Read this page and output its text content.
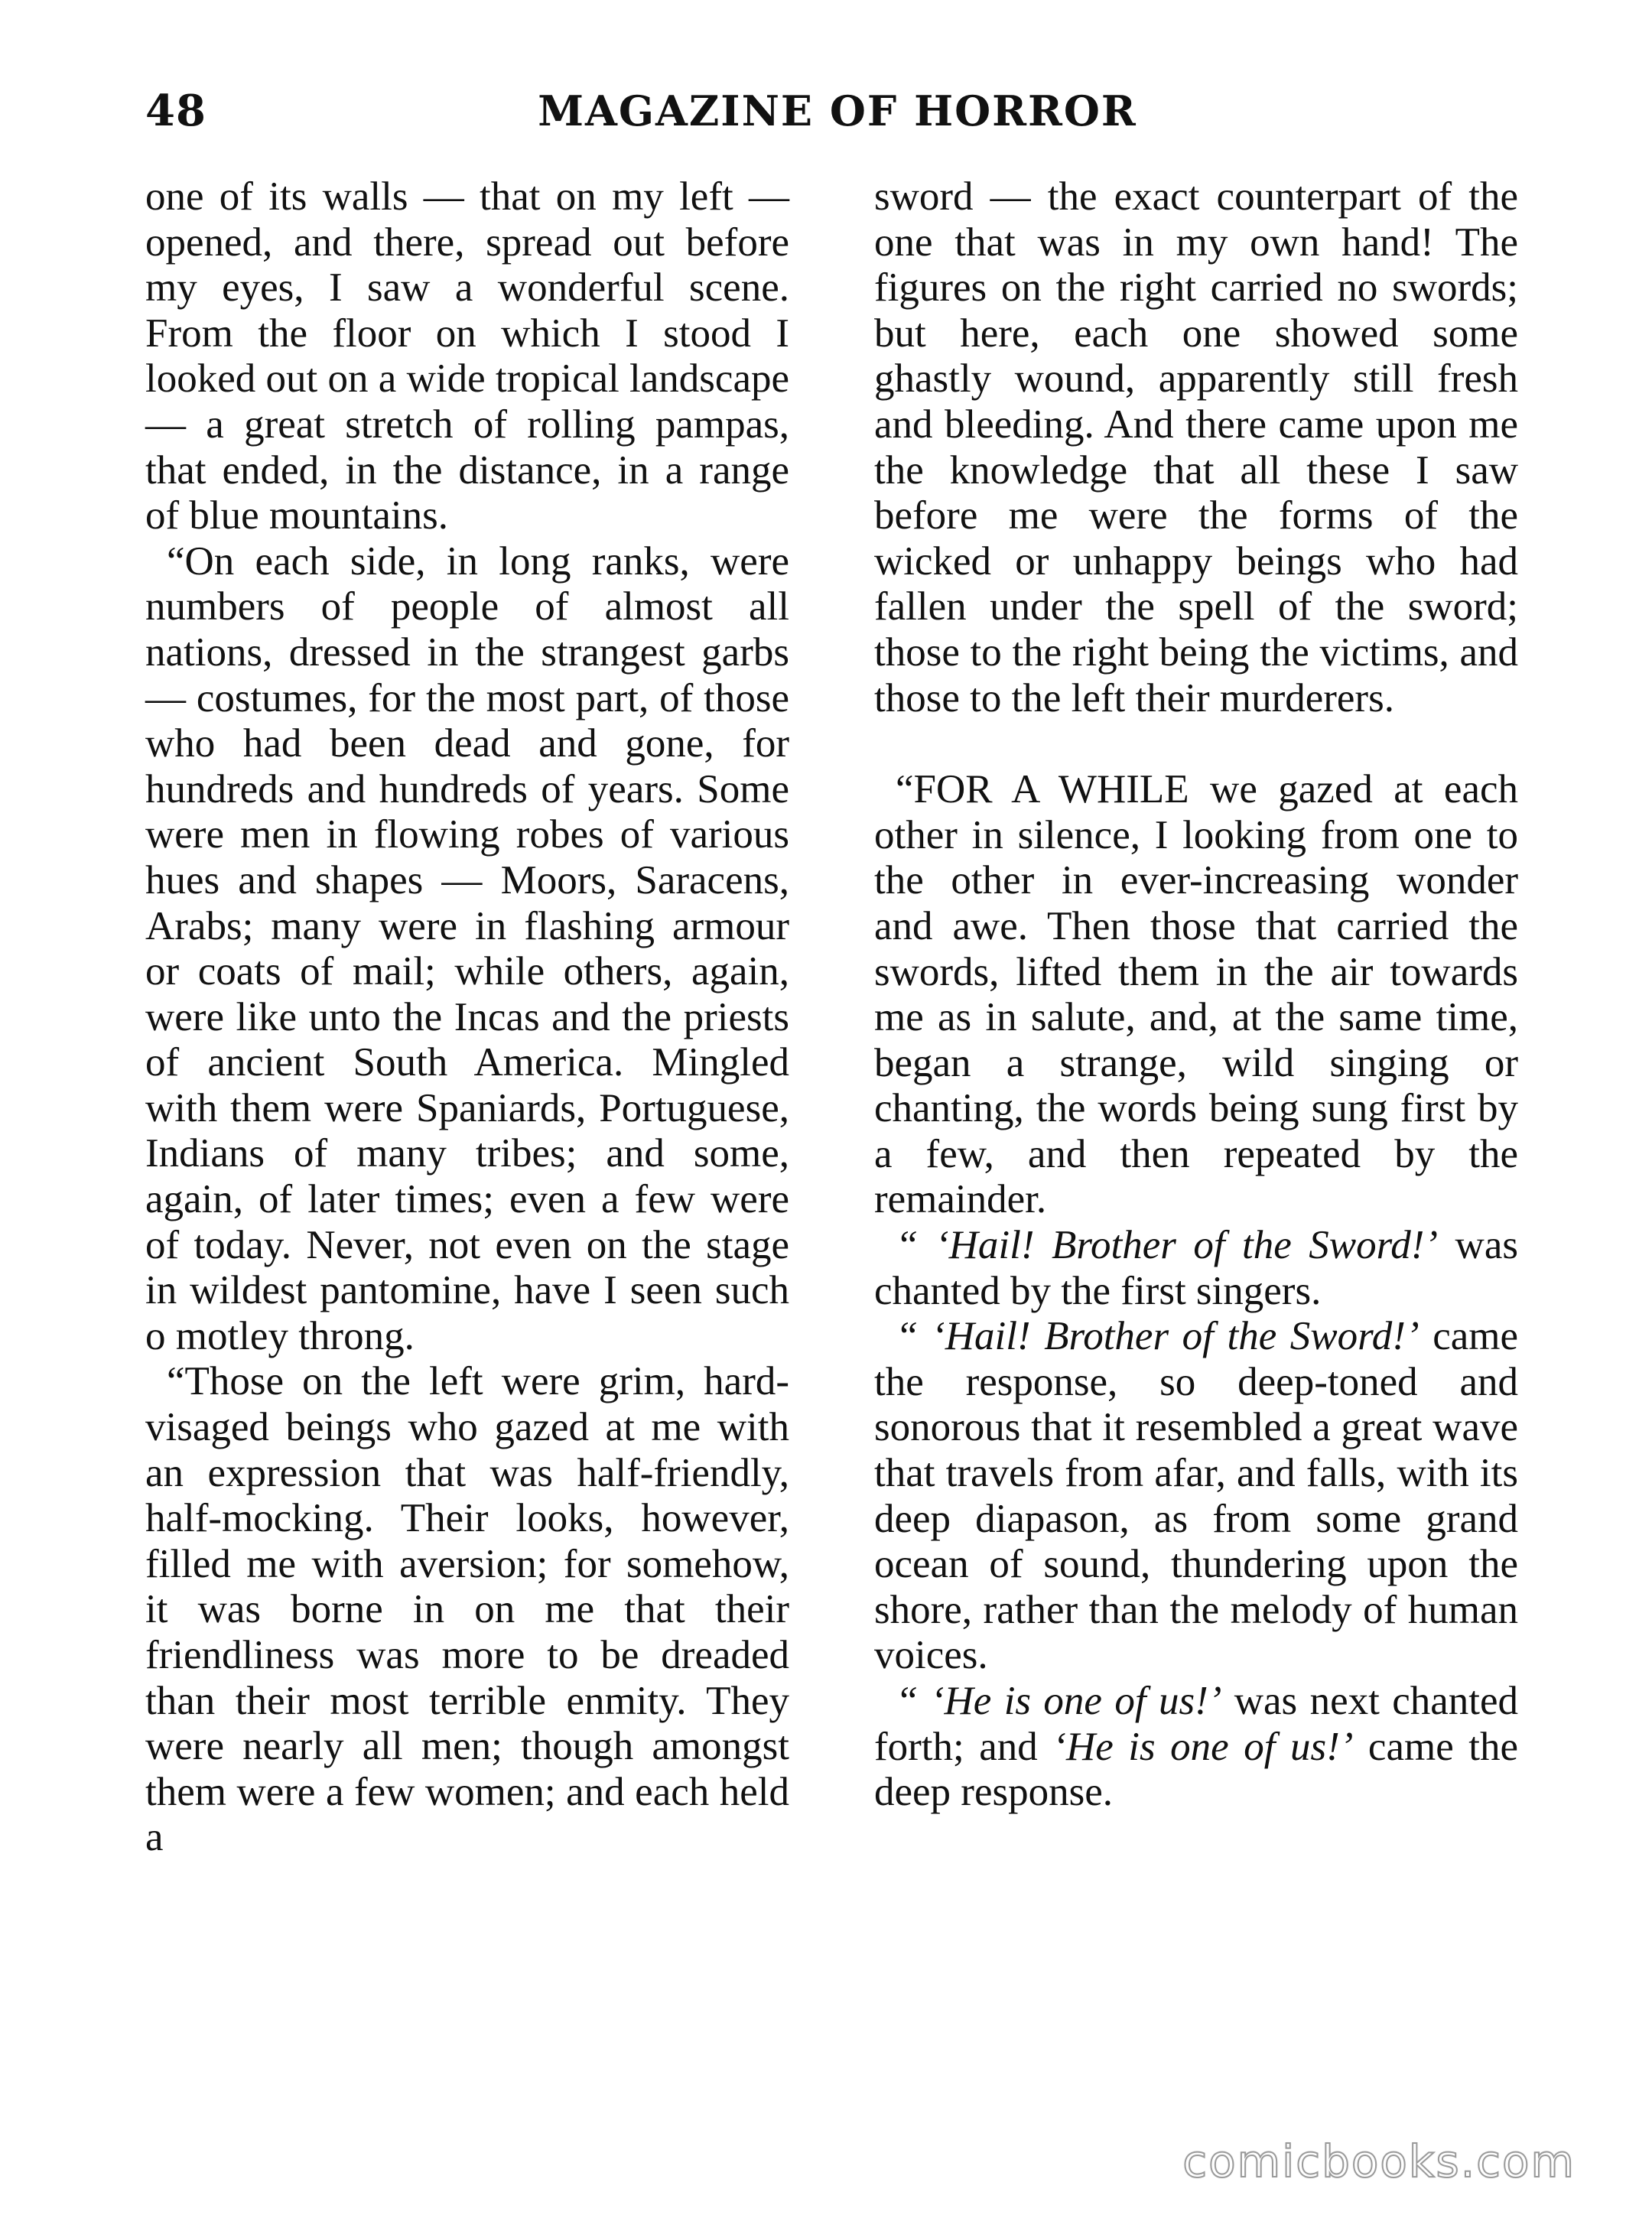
48	MAGAZINE OF HORROR

one of its walls — that on my left — opened, and there, spread out before my eyes, I saw a wonderful scene. From the floor on which I stood I looked out on a wide tropical landscape — a great stretch of rolling pampas, that ended, in the distance, in a range of blue mountains.

“On each side, in long ranks, were numbers of people of almost all nations, dressed in the strangest garbs — costumes, for the most part, of those who had been dead and gone, for hundreds and hundreds of years. Some were men in flowing robes of various hues and shapes — Moors, Saracens, Arabs; many were in flashing armour or coats of mail; while others, again, were like unto the Incas and the priests of ancient South America. Mingled with them were Spaniards, Portuguese, Indians of many tribes; and some, again, of later times; even a few were of today. Never, not even on the stage in wildest pantomine, have I seen such o motley throng.

“Those on the left were grim, hard-visaged beings who gazed at me with an expression that was half-friendly, half-mocking. Their looks, however, filled me with aversion; for somehow, it was borne in on me that their friendliness was more to be dreaded than their most terrible enmity. They were nearly all men; though amongst them were a few women; and each held a

sword — the exact counterpart of the one that was in my own hand! The figures on the right carried no swords; but here, each one showed some ghastly wound, apparently still fresh and bleeding. And there came upon me the knowledge that all these I saw before me were the forms of the wicked or unhappy beings who had fallen under the spell of the sword; those to the right being the victims, and those to the left their murderers.

“FOR A WHILE we gazed at each other in silence, I looking from one to the other in ever-increasing wonder and awe. Then those that carried the swords, lifted them in the air towards me as in salute, and, at the same time, began a strange, wild singing or chanting, the words being sung first by a few, and then repeated by the remainder.

“ ‘Hail! Brother of the Sword!’ was chanted by the first singers.

“ ‘Hail! Brother of the Sword!’ came the response, so deep-toned and sonorous that it resembled a great wave that travels from afar, and falls, with its deep diapason, as from some grand ocean of sound, thundering upon the shore, rather than the melody of human voices.

“ ‘He is one of us!’ was next chanted forth; and ‘He is one of us!’ came the deep response.

comicbooks.com
